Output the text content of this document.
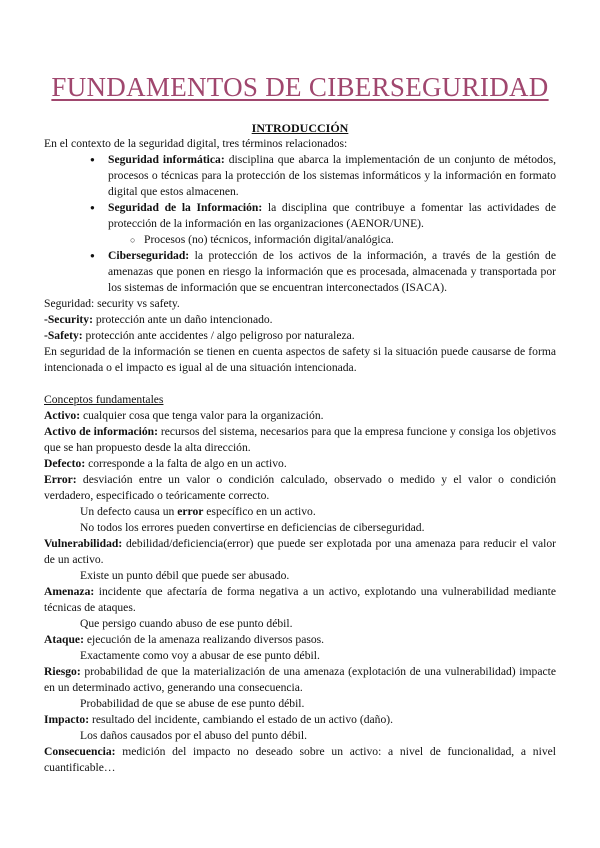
FUNDAMENTOS DE CIBERSEGURIDAD
INTRODUCCIÓN

En el contexto de la seguridad digital, tres términos relacionados:

● Seguridad informática: disciplina que abarca la implementación de un conjunto de métodos, procesos o técnicas para la protección de los sistemas informáticos y la información en formato digital que estos almacenen.
● Seguridad de la Información: la disciplina que contribuye a fomentar las actividades de protección de la información en las organizaciones (AENOR/UNE).
○ Procesos (no) técnicos, información digital/analógica.
● Ciberseguridad: la protección de los activos de la información, a través de la gestión de amenazas que ponen en riesgo la información que es procesada, almacenada y transportada por los sistemas de información que se encuentran interconectados (ISACA).

Seguridad: security vs safety.

-Security: protección ante un daño intencionado.

-Safety: protección ante accidentes / algo peligroso por naturaleza.

En seguridad de la información se tienen en cuenta aspectos de safety si la situación puede causarse de forma intencionada o el impacto es igual al de una situación intencionada.

Conceptos fundamentales

Activo: cualquier cosa que tenga valor para la organización.

Activo de información: recursos del sistema, necesarios para que la empresa funcione y consiga los objetivos que se han propuesto desde la alta dirección.

Defecto: corresponde a la falta de algo en un activo.

Error: desviación entre un valor o condición calculado, observado o medido y el valor o condición verdadero, especificado o teóricamente correcto.

Un defecto causa un error específico en un activo.

No todos los errores pueden convertirse en deficiencias de ciberseguridad.

Vulnerabilidad: debilidad/deficiencia(error) que puede ser explotada por una amenaza para reducir el valor de un activo.

Existe un punto débil que puede ser abusado.

Amenaza: incidente que afectaría de forma negativa a un activo, explotando una vulnerabilidad mediante técnicas de ataques.

Que persigo cuando abuso de ese punto débil.

Ataque: ejecución de la amenaza realizando diversos pasos.

Exactamente como voy a abusar de ese punto débil.

Riesgo: probabilidad de que la materialización de una amenaza (explotación de una vulnerabilidad) impacte en un determinado activo, generando una consecuencia.

Probabilidad de que se abuse de ese punto débil.

Impacto: resultado del incidente, cambiando el estado de un activo (daño).

Los daños causados por el abuso del punto débil.

Consecuencia: medición del impacto no deseado sobre un activo: a nivel de funcionalidad, a nivel cuantificable…
